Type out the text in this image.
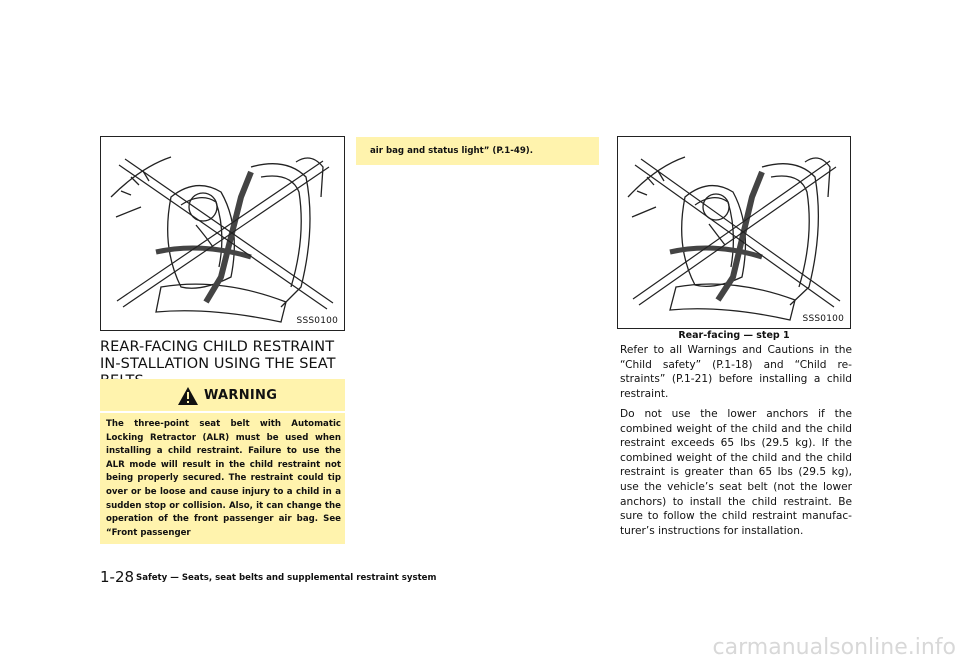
SSS0100
REAR-FACING CHILD RESTRAINT IN-STALLATION USING THE SEAT
WARNING

The three-point seat belt with Automatic Locking Retractor (ALR) must be used when installing a child restraint. Failure to use the ALR mode will result in the child restraint not being properly secured. The restraint could tip over or be loose and cause injury to a child in a sudden stop or collision. Also, it can change the operation of the front passenger air bag. See “Front passenger

air bag and status light” (P.1-49).

SSS0100
Rear-facing — step 1

Refer to all Warnings and Cautions in the “Child safety” (P.1-18) and “Child re-straints” (P.1-21) before installing a child restraint.

Do not use the lower anchors if the combined weight of the child and the child restraint exceeds 65 lbs (29.5 kg). If the combined weight of the child and the child restraint is greater than 65 lbs (29.5 kg), use the vehicle’s seat belt (not the lower anchors) to install the child restraint. Be sure to follow the child restraint manufac-turer’s instructions for installation.

1-28 Safety — Seats, seat belts and supplemental restraint system
carmanualsonline.info
